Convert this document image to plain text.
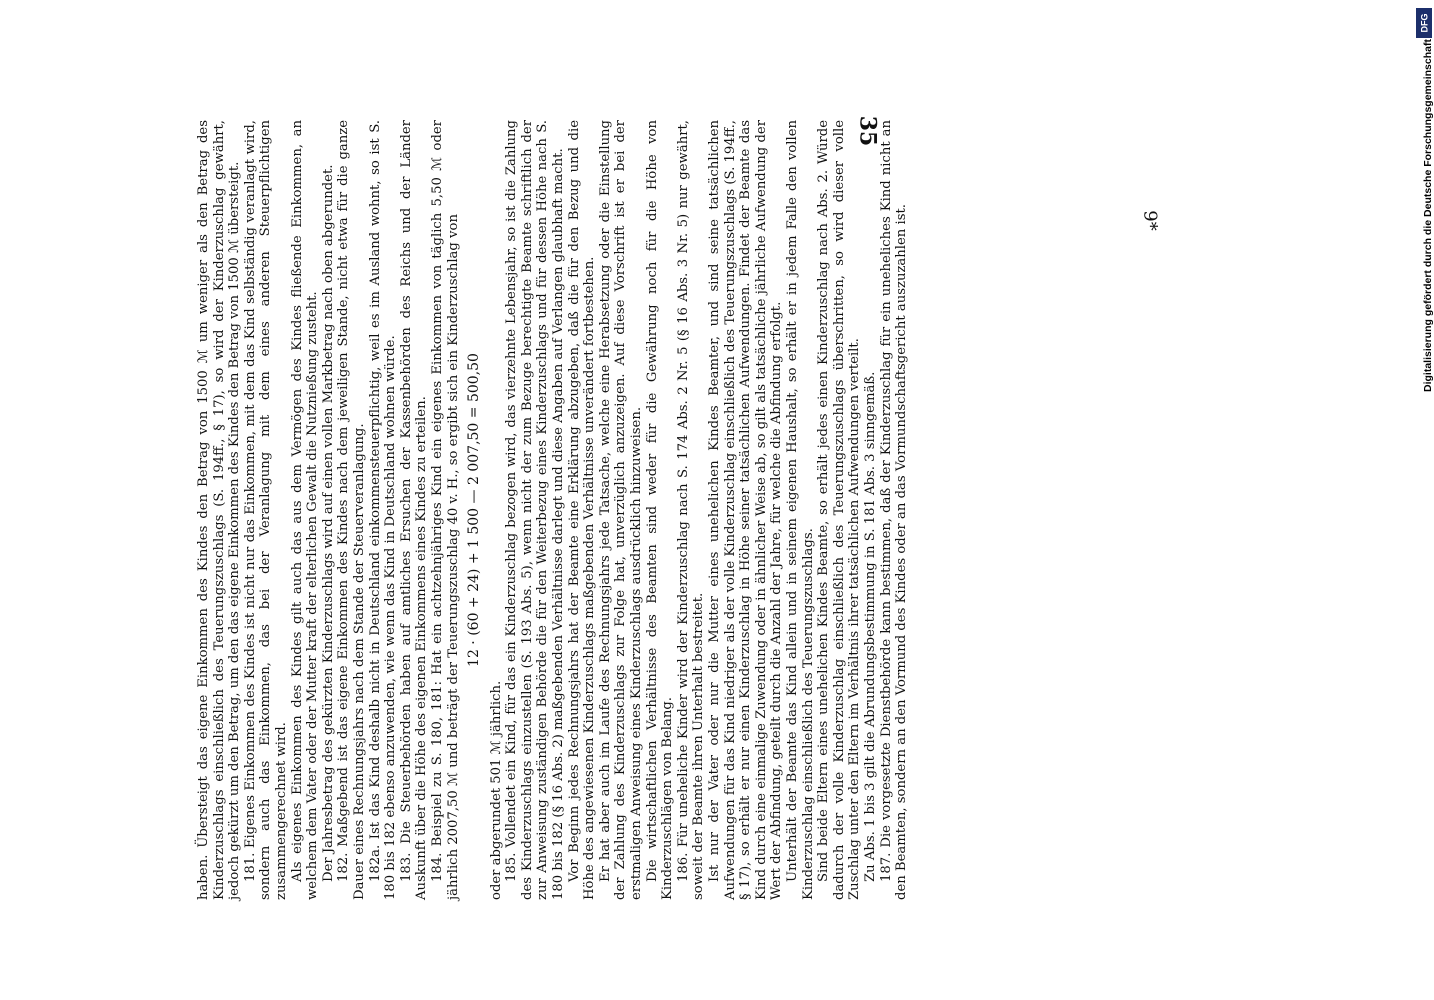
35

haben. Übersteigt das eigene Einkommen des Kindes den Betrag von 1500 ℳ um weniger als den Betrag des Kinderzuschlags einschließlich des Teuerungszuschlags (S. 194ff., § 17), so wird der Kinderzuschlag gewährt, jedoch gekürzt um den Betrag, um den das eigene Einkommen des Kindes den Betrag von 1500 ℳ übersteigt. 181. Eigenes Einkommen des Kindes ist nicht nur das Einkommen, mit dem das Kind selbständig veranlagt wird, sondern auch das Einkommen, das bei der Veranlagung mit dem eines anderen Steuerpflichtigen zusammengerechnet wird. Als eigenes Einkommen des Kindes gilt auch das aus dem Vermögen des Kindes fließende Einkommen, an welchem dem Vater oder der Mutter kraft der elterlichen Gewalt die Nutznießung zusteht. Der Jahresbetrag des gekürzten Kinderzuschlags wird auf einen vollen Markbetrag nach oben abgerundet. 182. Maßgebend ist das eigene Einkommen des Kindes nach dem jeweiligen Stande, nicht etwa für die ganze Dauer eines Rechnungsjahrs nach dem Stande der Steuerveranlagung. 182a. Ist das Kind deshalb nicht in Deutschland einkommensteuerpflichtig, weil es im Ausland wohnt, so ist S. 180 bis 182 ebenso anzuwenden, wie wenn das Kind in Deutschland wohnen würde. 183. Die Steuerbehörden haben auf amtliches Ersuchen der Kassenbehörden des Reichs und der Länder Auskunft über die Höhe des eigenen Einkommens eines Kindes zu erteilen. 184. Beispiel zu S. 180, 181: Hat ein achtzehnjähriges Kind ein eigenes Einkommen von täglich 5,50 ℳ oder jährlich 2007,50 ℳ und beträgt der Teuerungszuschlag 40 v. H., so ergibt sich ein Kinderzuschlag von 12 · (60 + 24) + 1 500 — 2 007,50 = 500,50

oder abgerundet 501 ℳ jährlich. 185. Vollendet ein Kind, für das ein Kinderzuschlag bezogen wird, das vierzehnte Lebensjahr, so ist die Zahlung des Kinderzuschlags einzustellen (S. 193 Abs. 5), wenn nicht der zum Bezuge berechtigte Beamte schriftlich der zur Anweisung zuständigen Behörde die für den Weiterbezug eines Kinderzuschlags und für dessen Höhe nach S. 180 bis 182 (§ 16 Abs. 2) maßgebenden Verhältnisse darlegt und diese Angaben auf Verlangen glaubhaft macht. Vor Beginn jedes Rechnungsjahrs hat der Beamte eine Erklärung abzugeben, daß die für den Bezug und die Höhe des angewiesenen Kinderzuschlags maßgebenden Verhältnisse unverändert fortbestehen. Er hat aber auch im Laufe des Rechnungsjahrs jede Tatsache, welche eine Herabsetzung oder die Einstellung der Zahlung des Kinderzuschlags zur Folge hat, unverzüglich anzuzeigen. Auf diese Vorschrift ist er bei der erstmaligen Anweisung eines Kinderzuschlags ausdrücklich hinzuweisen. Die wirtschaftlichen Verhältnisse des Beamten sind weder für die Gewährung noch für die Höhe von Kinderzuschlägen von Belang. 186. Für uneheliche Kinder wird der Kinderzuschlag nach S. 174 Abs. 2 Nr. 5 (§ 16 Abs. 3 Nr. 5) nur gewährt, soweit der Beamte ihren Unterhalt bestreitet. Ist nur der Vater oder nur die Mutter eines unehelichen Kindes Beamter, und sind seine tatsächlichen Aufwendungen für das Kind niedriger als der volle Kinderzuschlag einschließlich des Teuerungszuschlags (S. 194ff., § 17), so erhält er nur einen Kinderzuschlag in Höhe seiner tatsächlichen Aufwendungen. Findet der Beamte das Kind durch eine einmalige Zuwendung oder in ähnlicher Weise ab, so gilt als tatsächliche jährliche Aufwendung der Wert der Abfindung, geteilt durch die Anzahl der Jahre, für welche die Abfindung erfolgt. Unterhält der Beamte das Kind allein und in seinem eigenen Haushalt, so erhält er in jedem Falle den vollen Kinderzuschlag einschließlich des Teuerungszuschlags. Sind beide Eltern eines unehelichen Kindes Beamte, so erhält jedes einen Kinderzuschlag nach Abs. 2. Würde dadurch der volle Kinderzuschlag einschließlich des Teuerungszuschlags überschritten, so wird dieser volle Zuschlag unter den Eltern im Verhältnis ihrer tatsächlichen Aufwendungen verteilt. Zu Abs. 1 bis 3 gilt die Abrundungsbestimmung in S. 181 Abs. 3 sinngemäß. 187. Die vorgesetzte Dienstbehörde kann bestimmen, daß der Kinderzuschlag für ein uneheliches Kind nicht an den Beamten, sondern an den Vormund des Kindes oder an das Vormundschaftsgericht auszuzahlen ist.	9*
DFG
Digitalisierung gefördert durch die Deutsche Forschungsgemeinschaft
